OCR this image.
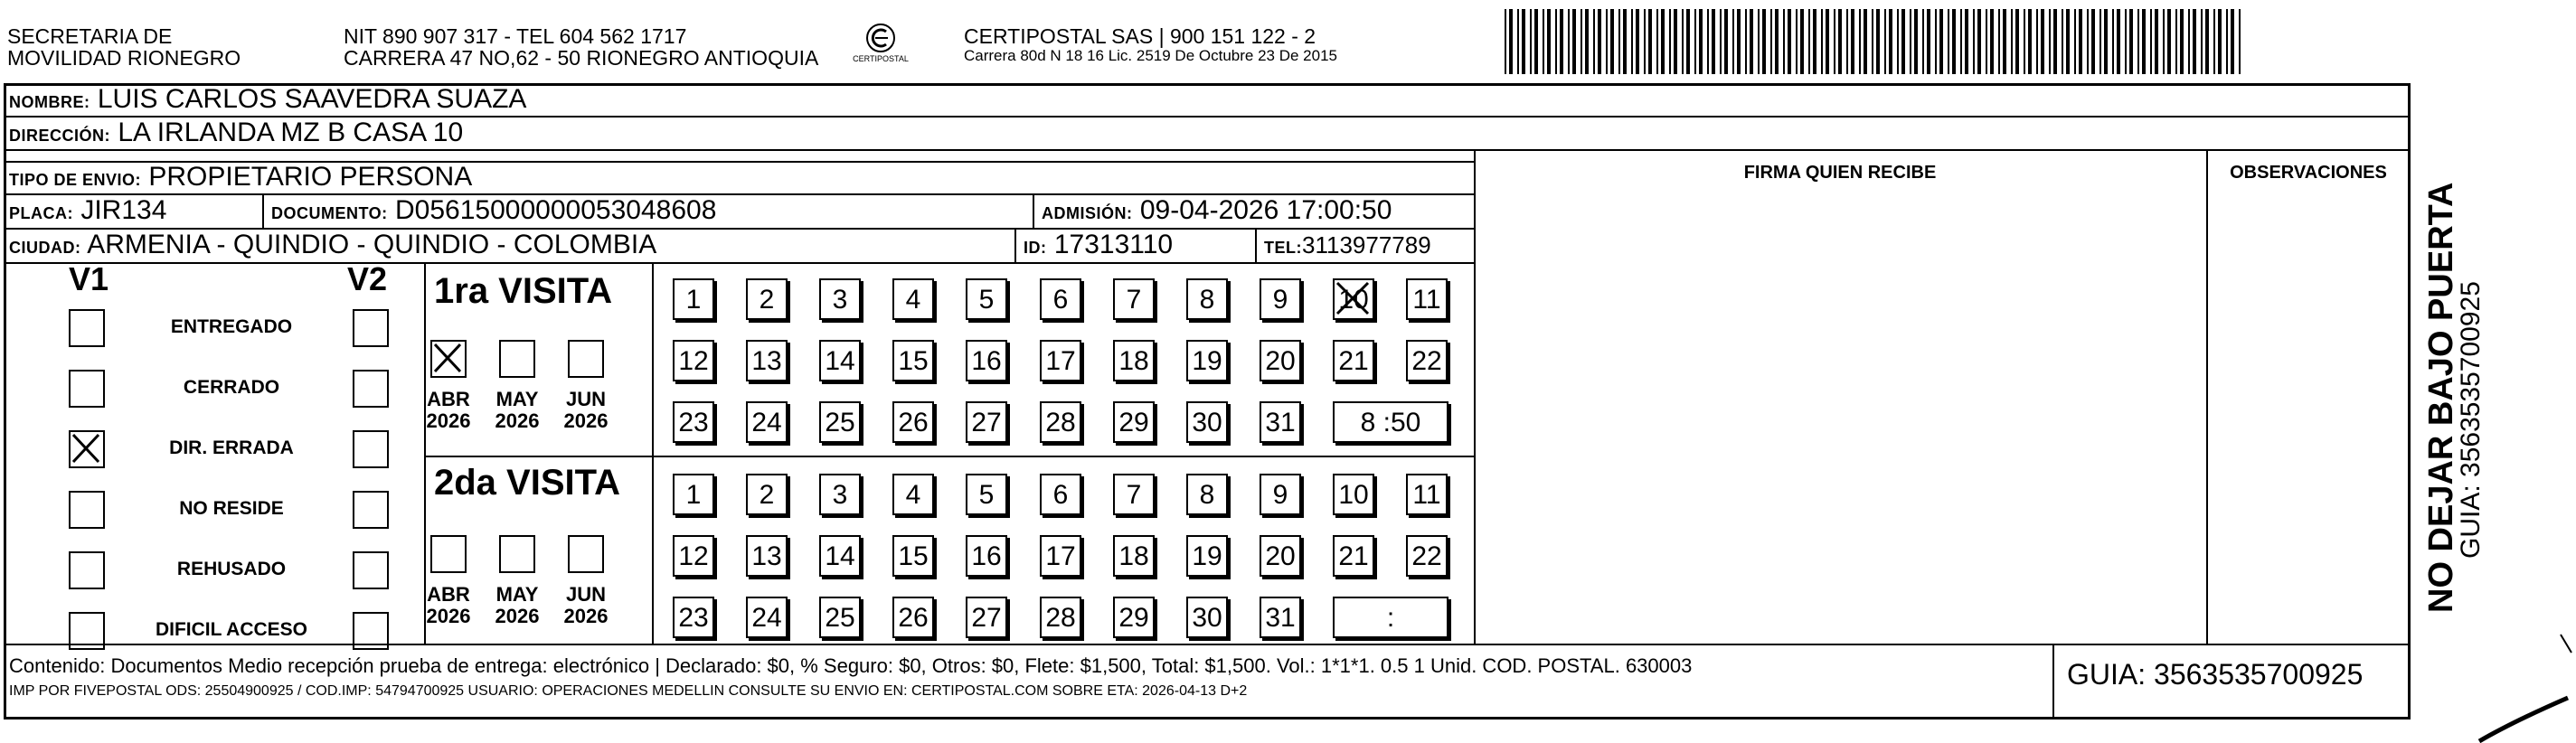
SECRETARIA DE
MOVILIDAD RIONEGRO
NIT 890 907 317 - TEL 604 562 1717
CARRERA 47 NO,62 - 50 RIONEGRO ANTIOQUIA	CERTIPOSTAL
CERTIPOSTAL SAS | 900 151 122 - 2
Carrera 80d N 18 16 Lic. 2519 De Octubre 23 De 2015
NOMBRE: LUIS CARLOS SAAVEDRA SUAZA
DIRECCIÓN: LA IRLANDA MZ B CASA 10
TIPO DE ENVIO: PROPIETARIO PERSONA	FIRMA QUIEN RECIBE	OBSERVACIONES
PLACA: JIR134	DOCUMENTO: D05615000000053048608	ADMISIÓN: 09-04-2026 17:00:50
CIUDAD: ARMENIA - QUINDIO - QUINDIO - COLOMBIA	ID: 17313110	TEL:3113977789
V1	V2
ENTREGADO
CERRADO
DIR. ERRADA
NO RESIDE
REHUSADO
DIFICIL ACCESO
1ra VISITA
2da VISITA
ABR
2026
MAY
2026
JUN
2026
1	2	3	4	5	6	7	8	9	10 11
12 13 14 15 16 17 18 19 20 21 22
23 24 25 26 27 28 29 30 31	8 :50
ABR
2026
MAY
2026
JUN
2026
1	2	3	4	5	6	7	8	9	10 11
12 13 14 15 16 17 18 19 20 21 22
23 24 25 26 27 28 29 30 31	:
Contenido: Documentos Medio recepción prueba de entrega: electrónico | Declarado: $0, % Seguro: $0, Otros: $0, Flete: $1,500, Total: $1,500. Vol.: 1*1*1. 0.5 1 Unid. COD. POSTAL. 630003
IMP POR FIVEPOSTAL ODS: 25504900925 / COD.IMP: 54794700925 USUARIO: OPERACIONES MEDELLIN CONSULTE SU ENVIO EN: CERTIPOSTAL.COM SOBRE ETA: 2026-04-13 D+2
GUIA: 3563535700925
NO DEJAR BAJO PUERTA
GUIA: 3563535700925
